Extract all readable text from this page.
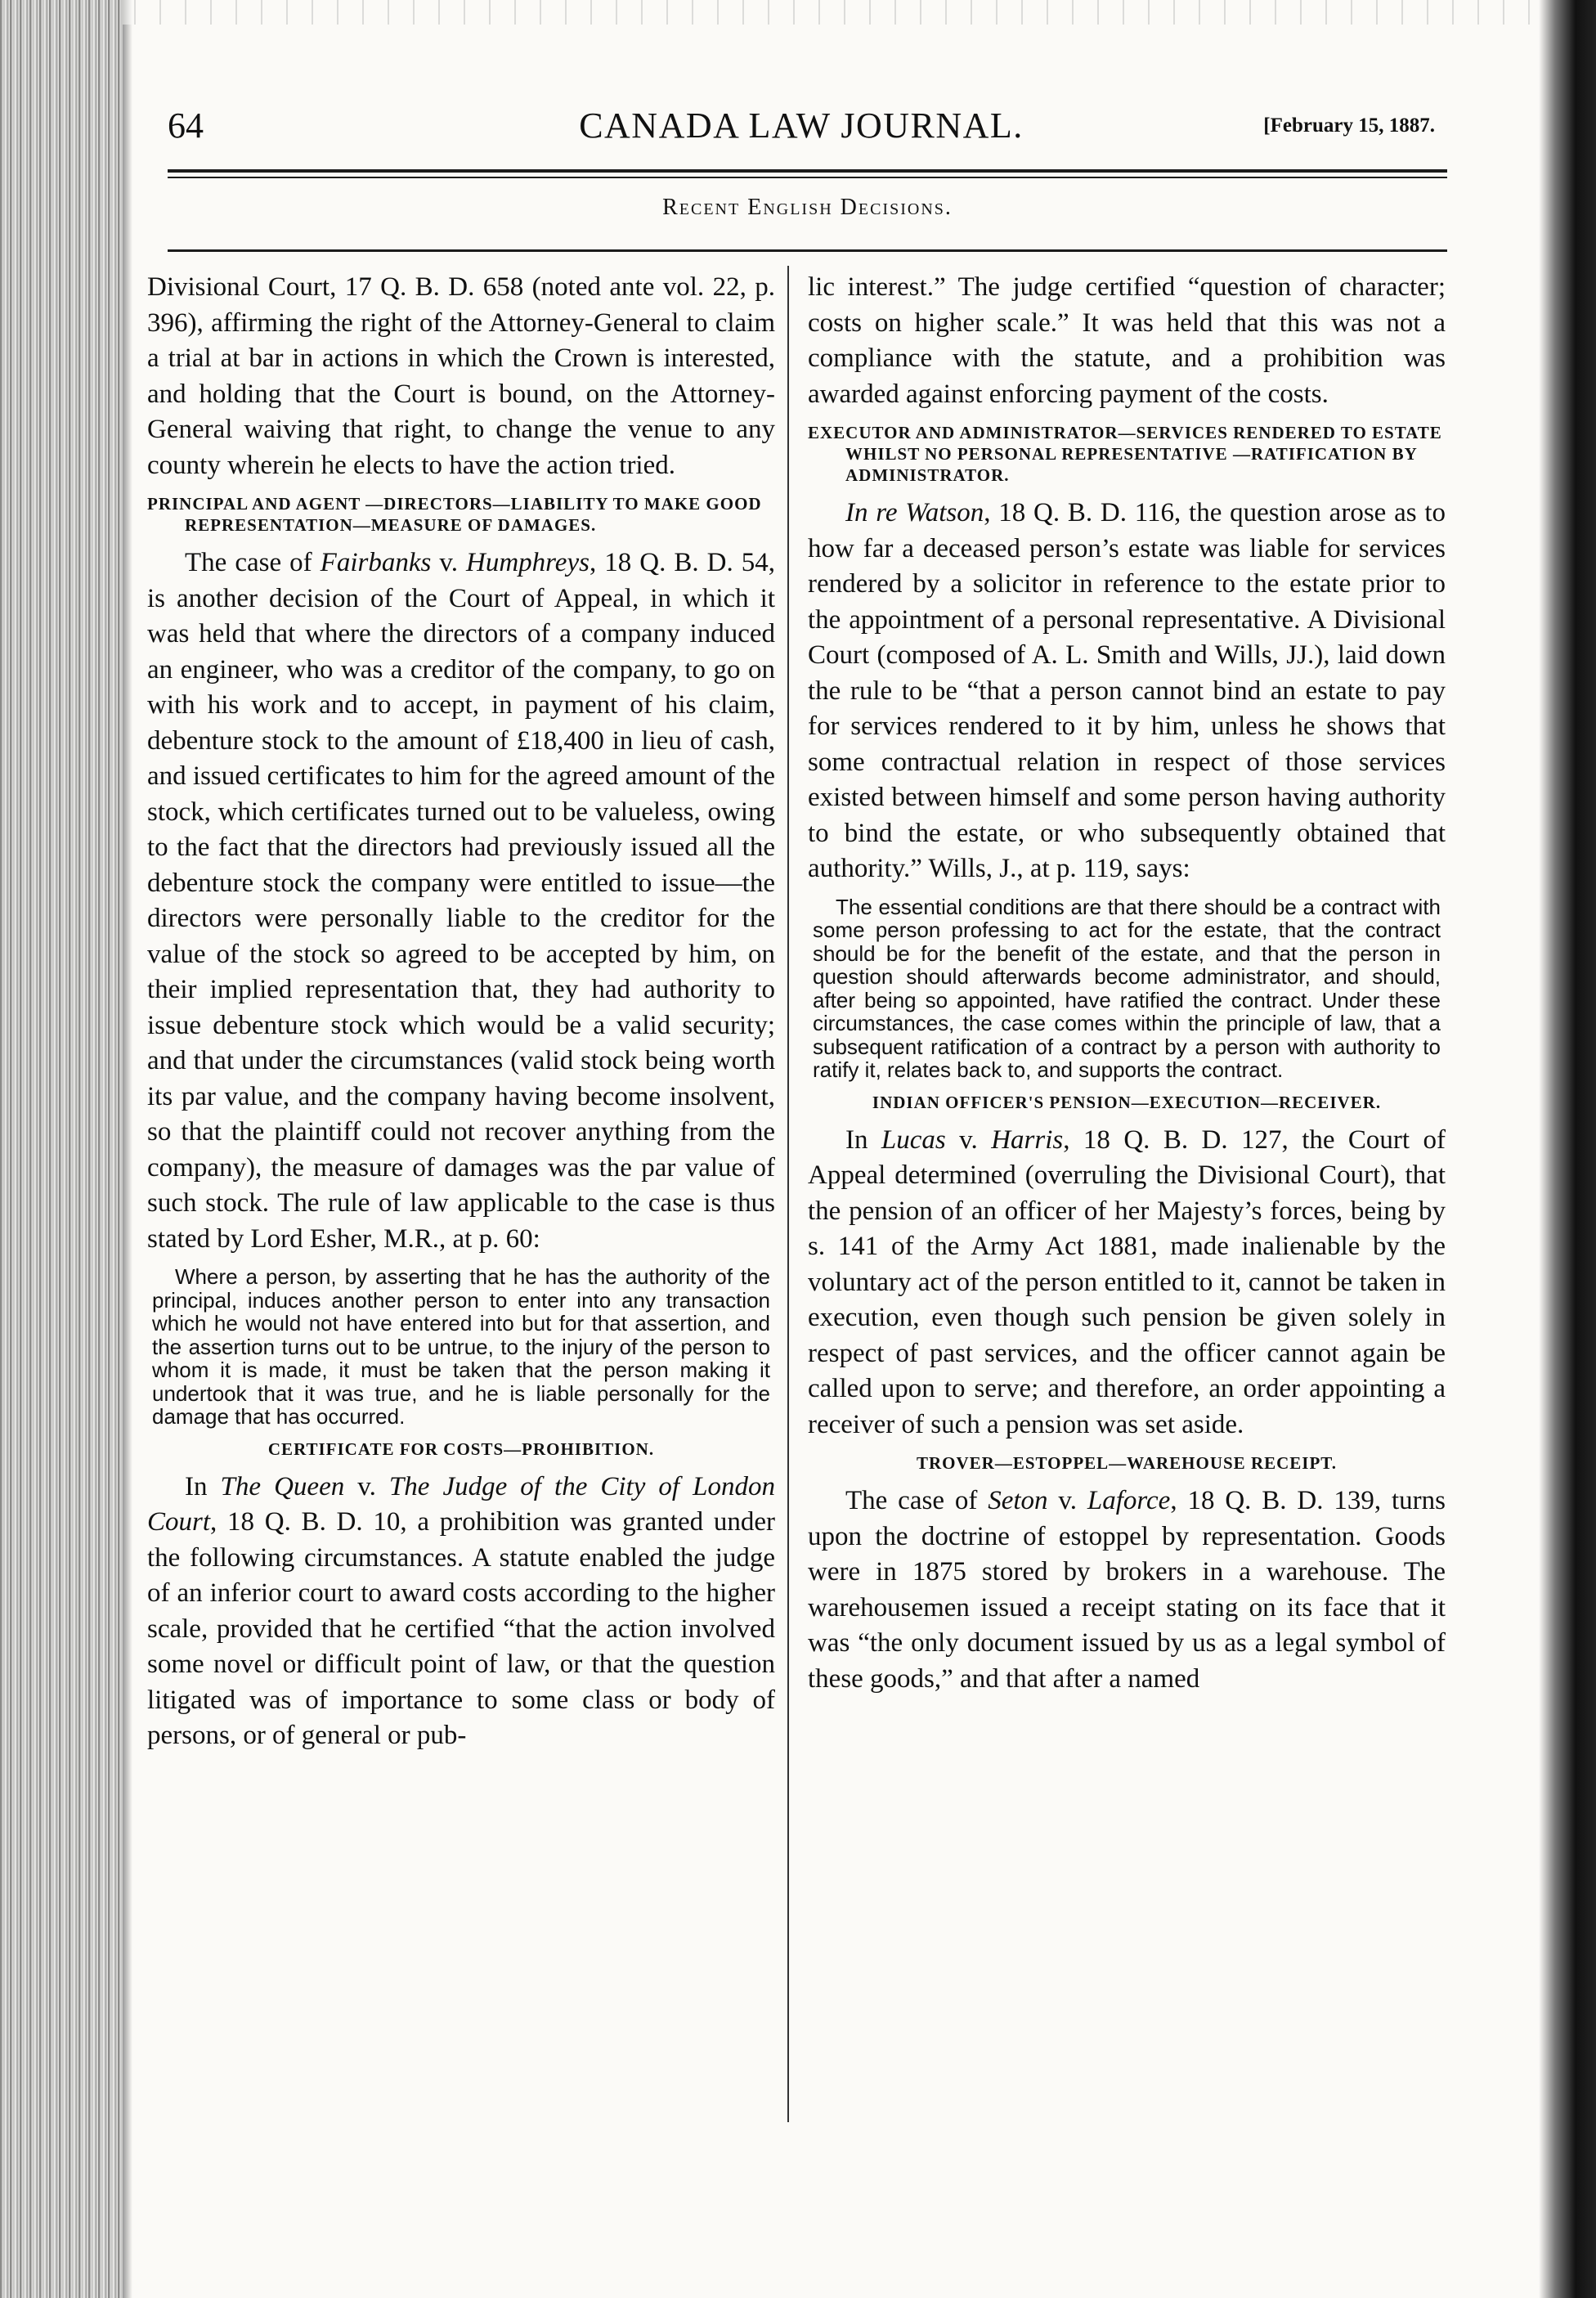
64	CANADA LAW JOURNAL.	[February 15, 1887.
Recent English Decisions.

Divisional Court, 17 Q. B. D. 658 (noted ante vol. 22, p. 396), affirming the right of the Attorney-General to claim a trial at bar in actions in which the Crown is interested, and holding that the Court is bound, on the Attorney-General waiving that right, to change the venue to any county wherein he elects to have the action tried.

PRINCIPAL AND AGENT —DIRECTORS—LIABILITY TO MAKE GOOD REPRESENTATION—MEASURE OF DAMAGES.

The case of Fairbanks v. Humphreys, 18 Q. B. D. 54, is another decision of the Court of Appeal, in which it was held that where the directors of a company induced an engineer, who was a creditor of the company, to go on with his work and to accept, in payment of his claim, debenture stock to the amount of £18,400 in lieu of cash, and issued certificates to him for the agreed amount of the stock, which certificates turned out to be valueless, owing to the fact that the directors had previously issued all the debenture stock the company were entitled to issue—the directors were personally liable to the creditor for the value of the stock so agreed to be accepted by him, on their implied representation that, they had authority to issue debenture stock which would be a valid security; and that under the circumstances (valid stock being worth its par value, and the company having become insolvent, so that the plaintiff could not recover anything from the company), the measure of damages was the par value of such stock. The rule of law applicable to the case is thus stated by Lord Esher, M.R., at p. 60:

Where a person, by asserting that he has the authority of the principal, induces another person to enter into any transaction which he would not have entered into but for that assertion, and the assertion turns out to be untrue, to the injury of the person to whom it is made, it must be taken that the person making it undertook that it was true, and he is liable personally for the damage that has occurred.
CERTIFICATE FOR COSTS—PROHIBITION.

In The Queen v. The Judge of the City of London Court, 18 Q. B. D. 10, a prohibition was granted under the following circumstances. A statute enabled the judge of an inferior court to award costs according to the higher scale, provided that he certified “that the action involved some novel or difficult point of law, or that the question litigated was of importance to some class or body of persons, or of general or pub-

lic interest.” The judge certified “question of character; costs on higher scale.” It was held that this was not a compliance with the statute, and a prohibition was awarded against enforcing payment of the costs.

EXECUTOR AND ADMINISTRATOR—SERVICES RENDERED TO ESTATE WHILST NO PERSONAL REPRESENTATIVE —RATIFICATION BY ADMINISTRATOR.

In re Watson, 18 Q. B. D. 116, the question arose as to how far a deceased person’s estate was liable for services rendered by a solicitor in reference to the estate prior to the appointment of a personal representative. A Divisional Court (composed of A. L. Smith and Wills, JJ.), laid down the rule to be “that a person cannot bind an estate to pay for services rendered to it by him, unless he shows that some contractual relation in respect of those services existed between himself and some person having authority to bind the estate, or who subsequently obtained that authority.” Wills, J., at p. 119, says:

The essential conditions are that there should be a contract with some person professing to act for the estate, that the contract should be for the benefit of the estate, and that the person in question should afterwards become administrator, and should, after being so appointed, have ratified the contract. Under these circumstances, the case comes within the principle of law, that a subsequent ratification of a contract by a person with authority to ratify it, relates back to, and supports the contract.
INDIAN OFFICER'S PENSION—EXECUTION—RECEIVER.

In Lucas v. Harris, 18 Q. B. D. 127, the Court of Appeal determined (overruling the Divisional Court), that the pension of an officer of her Majesty’s forces, being by s. 141 of the Army Act 1881, made inalienable by the voluntary act of the person entitled to it, cannot be taken in execution, even though such pension be given solely in respect of past services, and the officer cannot again be called upon to serve; and therefore, an order appointing a receiver of such a pension was set aside.

TROVER—ESTOPPEL—WAREHOUSE RECEIPT.

The case of Seton v. Laforce, 18 Q. B. D. 139, turns upon the doctrine of estoppel by representation. Goods were in 1875 stored by brokers in a warehouse. The warehousemen issued a receipt stating on its face that it was “the only document issued by us as a legal symbol of these goods,” and that after a named
